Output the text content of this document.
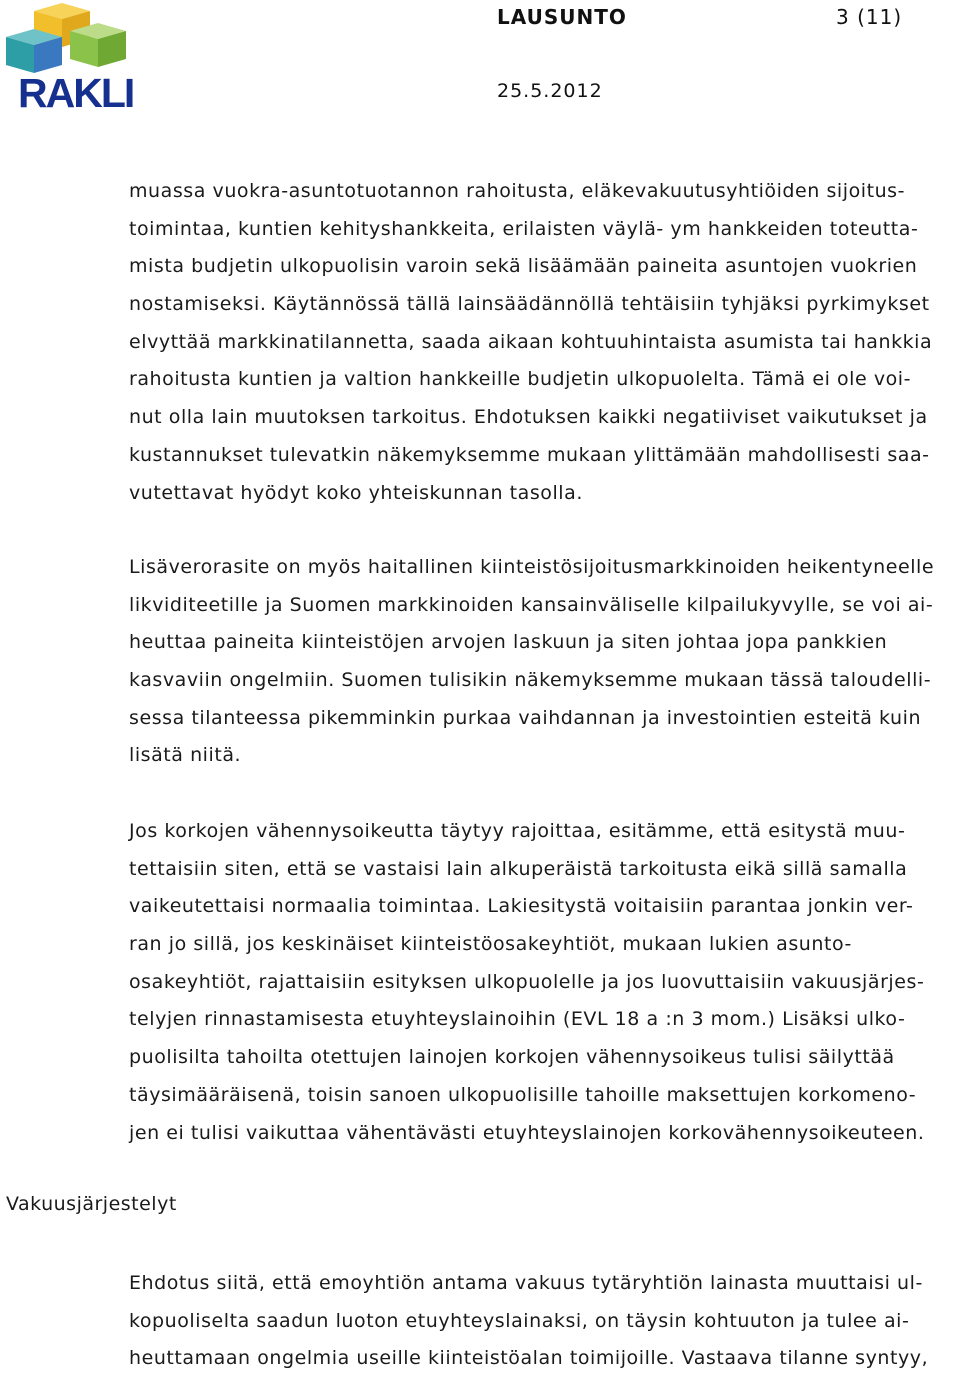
RAKLI
LAUSUNTO	3 (11)
25.5.2012
muassa vuokra-asuntotuotannon rahoitusta, eläkevakuutusyhtiöiden sijoitus-
toimintaa, kuntien kehityshankkeita, erilaisten väylä- ym hankkeiden toteutta-
mista budjetin ulkopuolisin varoin sekä lisäämään paineita asuntojen vuokrien
nostamiseksi. Käytännössä tällä lainsäädännöllä tehtäisiin tyhjäksi pyrkimykset
elvyttää markkinatilannetta, saada aikaan kohtuuhintaista asumista tai hankkia
rahoitusta kuntien ja valtion hankkeille budjetin ulkopuolelta. Tämä ei ole voi-
nut olla lain muutoksen tarkoitus. Ehdotuksen kaikki negatiiviset vaikutukset ja
kustannukset tulevatkin näkemyksemme mukaan ylittämään mahdollisesti saa-
vutettavat hyödyt koko yhteiskunnan tasolla.
Lisäverorasite on myös haitallinen kiinteistösijoitusmarkkinoiden heikentyneelle
likviditeetille ja Suomen markkinoiden kansainväliselle kilpailukyvylle, se voi ai-
heuttaa paineita kiinteistöjen arvojen laskuun ja siten johtaa jopa pankkien
kasvaviin ongelmiin. Suomen tulisikin näkemyksemme mukaan tässä taloudelli-
sessa tilanteessa pikemminkin purkaa vaihdannan ja investointien esteitä kuin
lisätä niitä.
Jos korkojen vähennysoikeutta täytyy rajoittaa, esitämme, että esitystä muu-
tettaisiin siten, että se vastaisi lain alkuperäistä tarkoitusta eikä sillä samalla
vaikeutettaisi normaalia toimintaa. Lakiesitystä voitaisiin parantaa jonkin ver-
ran jo sillä, jos keskinäiset kiinteistöosakeyhtiöt, mukaan lukien asunto-
osakeyhtiöt, rajattaisiin esityksen ulkopuolelle ja jos luovuttaisiin vakuusjärjes-
telyjen rinnastamisesta etuyhteyslainoihin (EVL 18 a :n 3 mom.) Lisäksi ulko-
puolisilta tahoilta otettujen lainojen korkojen vähennysoikeus tulisi säilyttää
täysimääräisenä, toisin sanoen ulkopuolisille tahoille maksettujen korkomeno-
jen ei tulisi vaikuttaa vähentävästi etuyhteyslainojen korkovähennysoikeuteen.
Vakuusjärjestelyt
Ehdotus siitä, että emoyhtiön antama vakuus tytäryhtiön lainasta muuttaisi ul-
kopuoliselta saadun luoton etuyhteyslainaksi, on täysin kohtuuton ja tulee ai-
heuttamaan ongelmia useille kiinteistöalan toimijoille. Vastaava tilanne syntyy,
